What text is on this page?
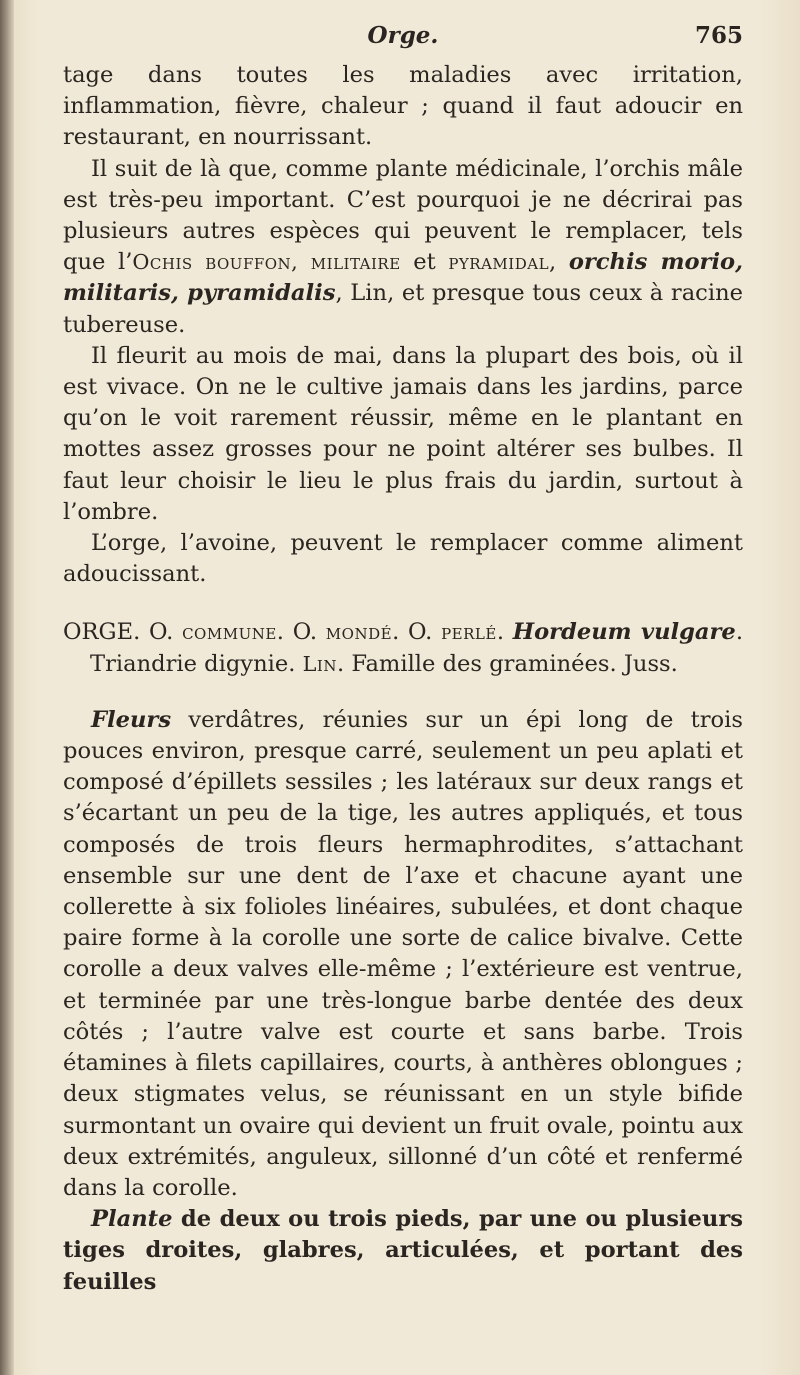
Orge.	765

tage dans toutes les maladies avec irritation, inflammation, fièvre, chaleur ; quand il faut adoucir en restaurant, en nourrissant.

Il suit de là que, comme plante médicinale, l’orchis mâle est très-peu important. C’est pourquoi je ne décrirai pas plusieurs autres espèces qui peuvent le remplacer, tels que l’Ochis bouffon, militaire et pyramidal, orchis morio, militaris, pyramidalis, Lin, et presque tous ceux à racine tubereuse.

Il fleurit au mois de mai, dans la plupart des bois, où il est vivace. On ne le cultive jamais dans les jardins, parce qu’on le voit rarement réussir, même en le plantant en mottes assez grosses pour ne point altérer ses bulbes. Il faut leur choisir le lieu le plus frais du jardin, surtout à l’ombre.

L’orge, l’avoine, peuvent le remplacer comme aliment adoucissant.

ORGE. O. commune. O. mondé. O. perlé. Hordeum vulgare. Triandrie digynie. Lin. Famille des graminées. Juss.

Fleurs verdâtres, réunies sur un épi long de trois pouces environ, presque carré, seulement un peu aplati et composé d’épillets sessiles ; les latéraux sur deux rangs et s’écartant un peu de la tige, les autres appliqués, et tous composés de trois fleurs hermaphrodites, s’attachant ensemble sur une dent de l’axe et chacune ayant une collerette à six folioles linéaires, subulées, et dont chaque paire forme à la corolle une sorte de calice bivalve. Cette corolle a deux valves elle-même ; l’extérieure est ventrue, et terminée par une très-longue barbe dentée des deux côtés ; l’autre valve est courte et sans barbe. Trois étamines à filets capillaires, courts, à anthères oblongues ; deux stigmates velus, se réunissant en un style bifide surmontant un ovaire qui devient un fruit ovale, pointu aux deux extrémités, anguleux, sillonné d’un côté et renfermé dans la corolle.

Plante de deux ou trois pieds, par une ou plusieurs tiges droites, glabres, articulées, et portant des feuilles
